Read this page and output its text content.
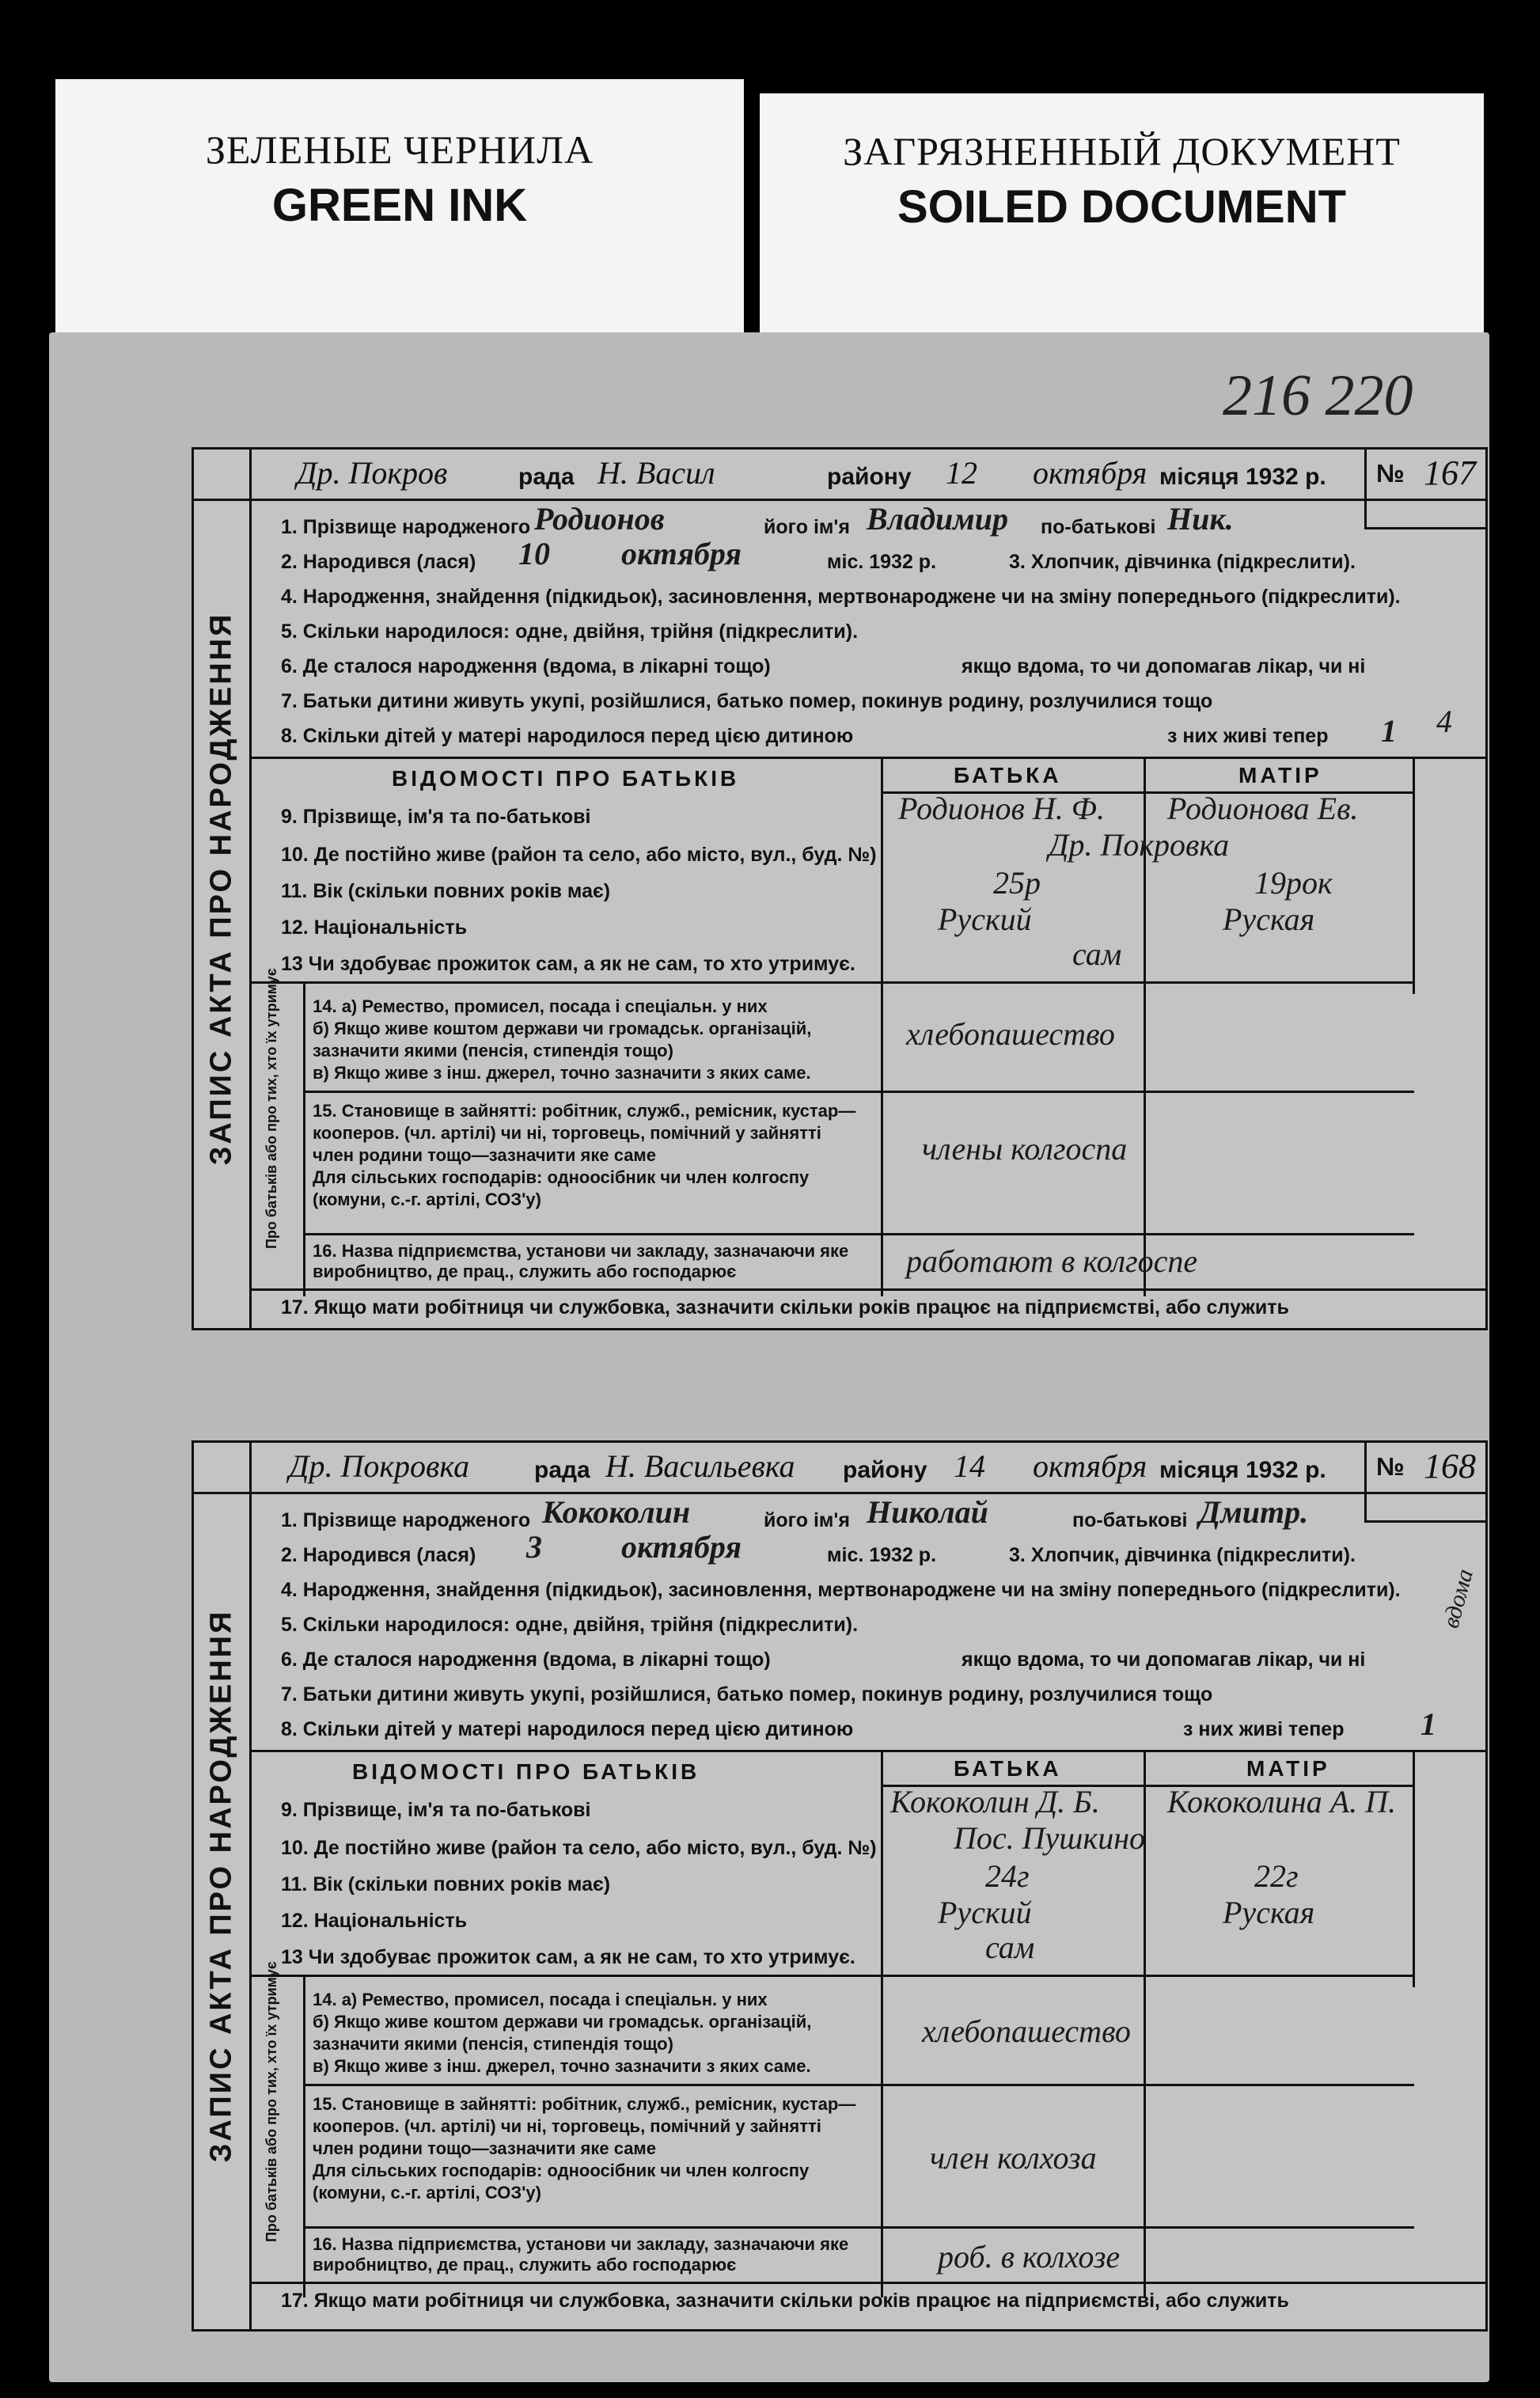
ЗЕЛЕНЫЕ ЧЕРНИЛА
GREEN INK
ЗАГРЯЗНЕННЫЙ ДОКУМЕНТ
SOILED DOCUMENT
216 220
ЗАПИС АКТА ПРО НАРОДЖЕННЯ
Др. Покров	рада Н. Васил	району 12 октября місяця 1932 р. № 167
1. Прізвище народженого Родионов	його ім'я Владимир по-батькові Ник.
2. Народився (лася) 10 октября	міс. 1932 р.	3. Хлопчик, дівчинка (підкреслити).
4. Народження, знайдення (підкидьок), засиновлення, мертвонароджене чи на зміну попереднього (підкреслити).
5. Скільки народилося: одне, двійня, трійня (підкреслити).
6. Де сталося народження (вдома, в лікарні тощо)	якщо вдома, то чи допомагав лікар, чи ні
7. Батьки дитини живуть укупі, розійшлися, батько помер, покинув родину, розлучилися тощо
8. Скільки дітей у матері народилося перед цією дитиною	з них живі тепер 1 4
ВІДОМОСТІ ПРО БАТЬКІВ	БАТЬКА	МАТІР
9. Прізвище, ім'я та по-батькові	Родионов Н. Ф. Родионова Ев.
10. Де постійно живе (район та село, або місто, вул., буд. №)	Др. Покровка
11. Вік (скільки повних років має)	25р	19рок
12. Національність	Руский	Руская
13 Чи здобуває прожиток сам, а як не сам, то хто утримує.	сам
Про батьків або про тих, хто їх утримує 14. а) Ремество, промисел, посада і спеціальн. у них
б) Якщо живе коштом держави чи громадськ. організацій, зазначити якими (пенсія, стипендія тощо)
в) Якщо живе з інш. джерел, точно зазначити з яких саме.
хлебопашество
15. Становище в зайнятті: робітник, служб., ремісник, кустар—кооперов. (чл. артілі) чи ні, торговець, помічний у зайнятті член родини тощо—зазначити яке саме
Для сільських господарів: одноосібник чи член колгоспу (комуни, с.-г. артілі, СОЗ'у)
члены колгоспа
16. Назва підприємства, установи чи закладу, зазначаючи яке виробництво, де прац., служить або господарює	работают в колгоспе
17. Якщо мати робітниця чи службовка, зазначити скільки років працює на підприємстві, або служить
ЗАПИС АКТА ПРО НАРОДЖЕННЯ
Др. Покровка	рада Н. Васильевка району 14 октября місяця 1932 р. № 168
1. Прізвище народженого Кококолин	його ім'я Николай	по-батькові Дмитр.
2. Народився (лася) 3	октября	міс. 1932 р.	3. Хлопчик, дівчинка (підкреслити).
4. Народження, знайдення (підкидьок), засиновлення, мертвонароджене чи на зміну попереднього (підкреслити).
5. Скільки народилося: одне, двійня, трійня (підкреслити).
6. Де сталося народження (вдома, в лікарні тощо)	якщо вдома, то чи допомагав лікар, чи ні
7. Батьки дитини живуть укупі, розійшлися, батько помер, покинув родину, розлучилися тощо
8. Скільки дітей у матері народилося перед цією дитиною	з них живі тепер 1
вдома
ВІДОМОСТІ ПРО БАТЬКІВ	БАТЬКА	МАТІР
9. Прізвище, ім'я та по-батькові	Кококолин Д. Б. Кококолина А. П.
10. Де постійно живе (район та село, або місто, вул., буд. №) Пос. Пушкино
11. Вік (скільки повних років має)	24г	22г
12. Національність	Руский	Руская
13 Чи здобуває прожиток сам, а як не сам, то хто утримує.	сам
Про батьків або про тих, хто їх утримує 14. а) Ремество, промисел, посада і спеціальн. у них
б) Якщо живе коштом держави чи громадськ. організацій, зазначити якими (пенсія, стипендія тощо)
в) Якщо живе з інш. джерел, точно зазначити з яких саме.
хлебопашество
15. Становище в зайнятті: робітник, служб., ремісник, кустар—кооперов. (чл. артілі) чи ні, торговець, помічний у зайнятті член родини тощо—зазначити яке саме
Для сільських господарів: одноосібник чи член колгоспу (комуни, с.-г. артілі, СОЗ'у)
член колхоза
16. Назва підприємства, установи чи закладу, зазначаючи яке виробництво, де прац., служить або господарює	роб. в колхозе
17. Якщо мати робітниця чи службовка, зазначити скільки років працює на підприємстві, або служить
